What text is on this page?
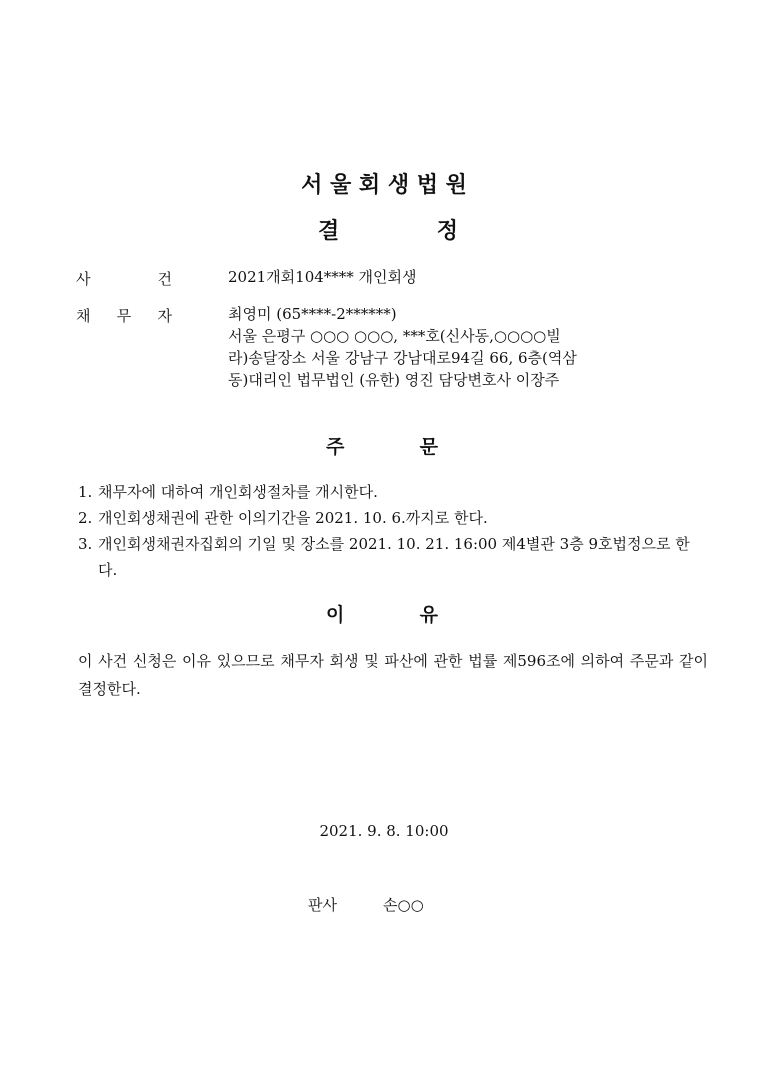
서 울 회 생 법 원
결	정
사	건	2021개회104**** 개인회생
채 무 자	최영미 (65****-2******)
서울 은평구 ○○○ ○○○, ***호(신사동,○○○○빌
라)송달장소 서울 강남구 강남대로94길 66, 6층(역삼
동)대리인 법무법인 (유한) 영진 담당변호사 이장주
주	문
1. 채무자에 대하여 개인회생절차를 개시한다.
2. 개인회생채권에 관한 이의기간을 2021. 10. 6.까지로 한다.
3. 개인회생채권자집회의 기일 및 장소를 2021. 10. 21. 16:00 제4별관 3층 9호법정으로 한다.
이	유
이 사건 신청은 이유 있으므로 채무자 회생 및 파산에 관한 법률 제596조에 의하여 주문과 같이 결정한다.
2021. 9. 8. 10:00
판사	손○○
